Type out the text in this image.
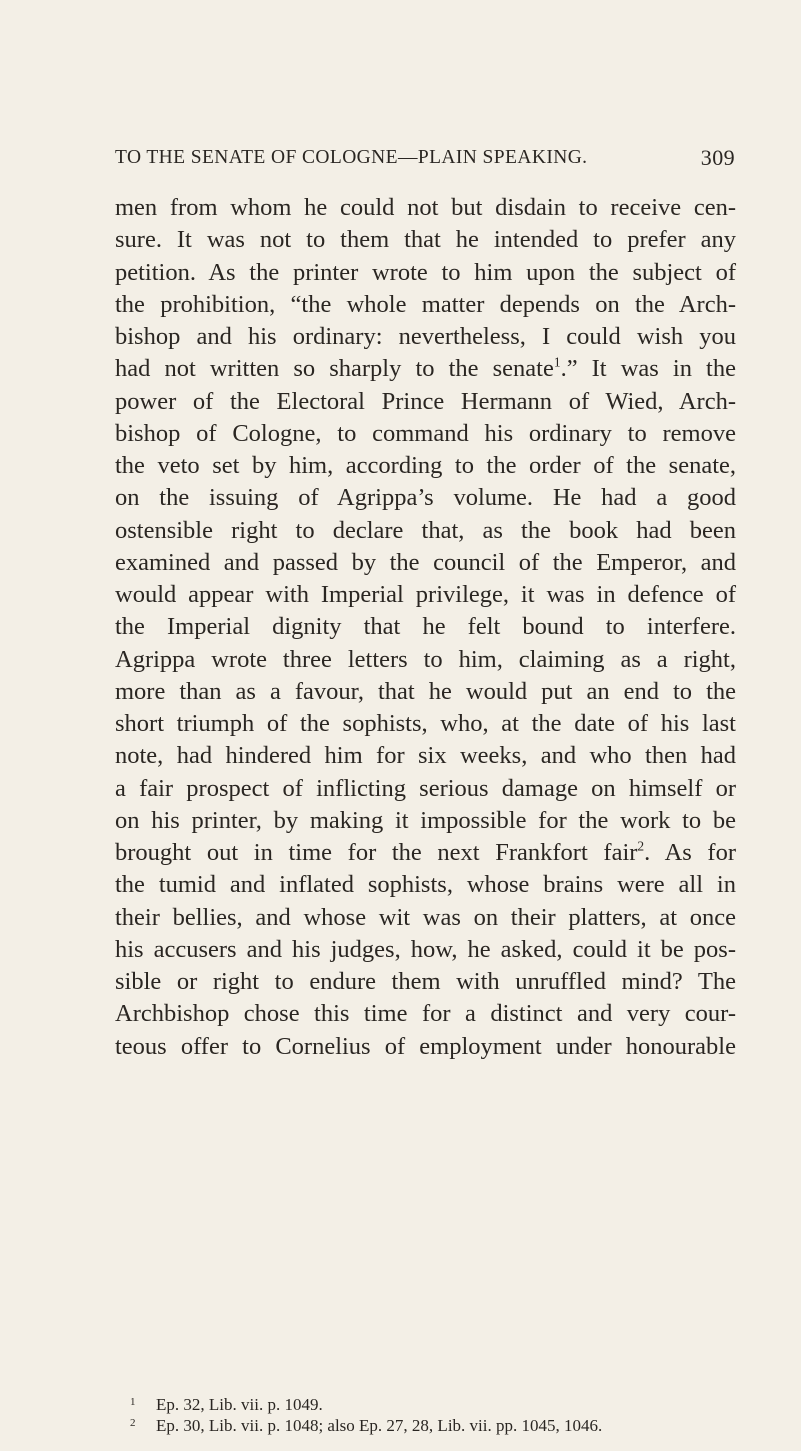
TO THE SENATE OF COLOGNE—PLAIN SPEAKING.	309
men from whom he could not but disdain to receive cen-
sure. It was not to them that he intended to prefer any
petition. As the printer wrote to him upon the subject of
the prohibition, “the whole matter depends on the Arch-
bishop and his ordinary: nevertheless, I could wish you
had not written so sharply to the senate$^1$.” It was in the
power of the Electoral Prince Hermann of Wied, Arch-
bishop of Cologne, to command his ordinary to remove
the veto set by him, according to the order of the senate,
on the issuing of Agrippa’s volume. He had a good
ostensible right to declare that, as the book had been
examined and passed by the council of the Emperor, and
would appear with Imperial privilege, it was in defence of
the Imperial dignity that he felt bound to interfere.
Agrippa wrote three letters to him, claiming as a right,
more than as a favour, that he would put an end to the
short triumph of the sophists, who, at the date of his last
note, had hindered him for six weeks, and who then had
a fair prospect of inflicting serious damage on himself or
on his printer, by making it impossible for the work to be
brought out in time for the next Frankfort fair$^2$. As for
the tumid and inflated sophists, whose brains were all in
their bellies, and whose wit was on their platters, at once
his accusers and his judges, how, he asked, could it be pos-
sible or right to endure them with unruffled mind? The
Archbishop chose this time for a distinct and very cour-
teous offer to Cornelius of employment under honourable
1 Ep. 32, Lib. vii. p. 1049.
2 Ep. 30, Lib. vii. p. 1048; also Ep. 27, 28, Lib. vii. pp. 1045, 1046.
